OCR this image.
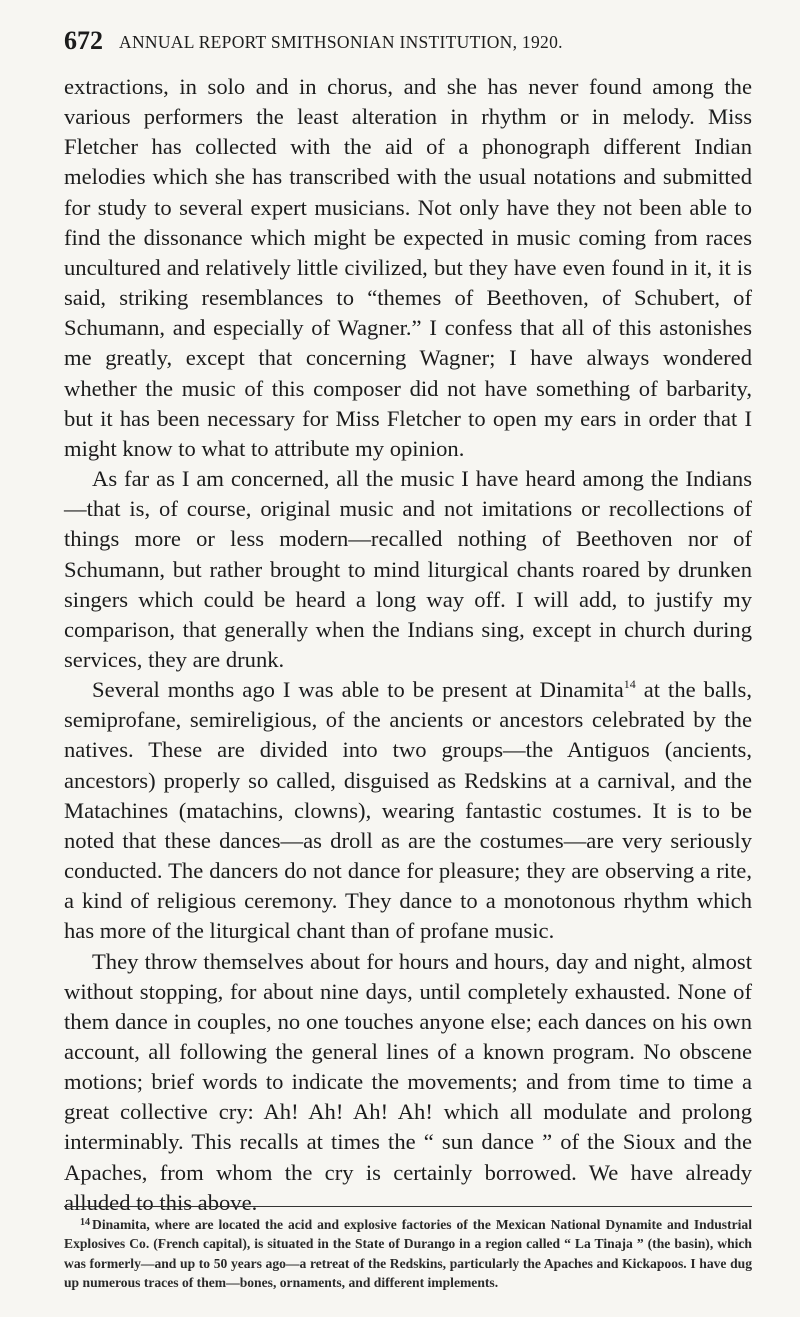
672 ANNUAL REPORT SMITHSONIAN INSTITUTION, 1920.

extractions, in solo and in chorus, and she has never found among the various performers the least alteration in rhythm or in melody. Miss Fletcher has collected with the aid of a phonograph different Indian melodies which she has transcribed with the usual notations and submitted for study to several expert musicians. Not only have they not been able to find the dissonance which might be expected in music coming from races uncultured and relatively little civilized, but they have even found in it, it is said, striking resemblances to “themes of Beethoven, of Schubert, of Schumann, and especially of Wagner.” I confess that all of this astonishes me greatly, except that concerning Wagner; I have always wondered whether the music of this composer did not have something of barbarity, but it has been necessary for Miss Fletcher to open my ears in order that I might know to what to attribute my opinion.

As far as I am concerned, all the music I have heard among the Indians—that is, of course, original music and not imitations or recollections of things more or less modern—recalled nothing of Beethoven nor of Schumann, but rather brought to mind liturgical chants roared by drunken singers which could be heard a long way off. I will add, to justify my comparison, that generally when the Indians sing, except in church during services, they are drunk.

Several months ago I was able to be present at Dinamita$^{14}$ at the balls, semiprofane, semireligious, of the ancients or ancestors celebrated by the natives. These are divided into two groups—the Antiguos (ancients, ancestors) properly so called, disguised as Redskins at a carnival, and the Matachines (matachins, clowns), wearing fantastic costumes. It is to be noted that these dances—as droll as are the costumes—are very seriously conducted. The dancers do not dance for pleasure; they are observing a rite, a kind of religious ceremony. They dance to a monotonous rhythm which has more of the liturgical chant than of profane music.

They throw themselves about for hours and hours, day and night, almost without stopping, for about nine days, until completely exhausted. None of them dance in couples, no one touches anyone else; each dances on his own account, all following the general lines of a known program. No obscene motions; brief words to indicate the movements; and from time to time a great collective cry: Ah! Ah! Ah! Ah! which all modulate and prolong interminably. This recalls at times the “ sun dance ” of the Sioux and the Apaches, from whom the cry is certainly borrowed. We have already alluded to this above.

$^{14}$ Dinamita, where are located the acid and explosive factories of the Mexican National Dynamite and Industrial Explosives Co. (French capital), is situated in the State of Durango in a region called “ La Tinaja ” (the basin), which was formerly—and up to 50 years ago—a retreat of the Redskins, particularly the Apaches and Kickapoos. I have dug up numerous traces of them—bones, ornaments, and different implements.
